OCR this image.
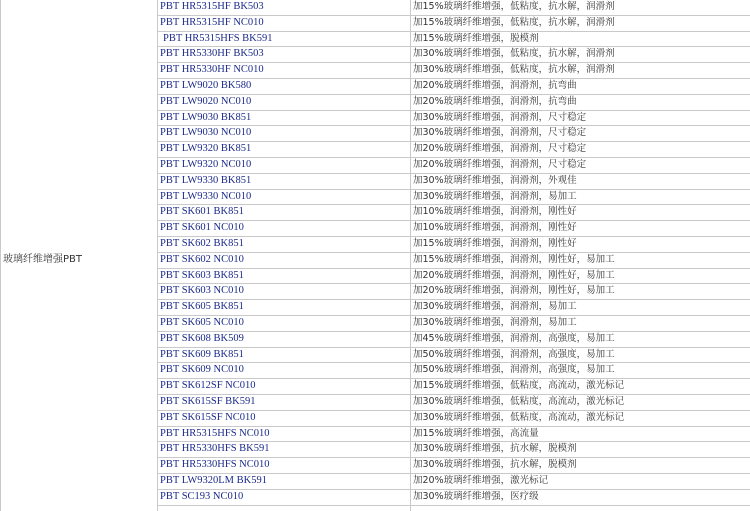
玻璃纤维增强PBT	PBT HR5315HF BK503	加15%玻璃纤维增强，低粘度，抗水解，润滑剂
	PBT HR5315HF NC010	加15%玻璃纤维增强，低粘度，抗水解，润滑剂
	PBT HR5315HFS BK591	加15%玻璃纤维增强，脱模剂
	PBT HR5330HF BK503	加30%玻璃纤维增强，低粘度，抗水解，润滑剂
	PBT HR5330HF NC010	加30%玻璃纤维增强，低粘度，抗水解，润滑剂
	PBT LW9020 BK580	加20%玻璃纤维增强，润滑剂，抗弯曲
	PBT LW9020 NC010	加20%玻璃纤维增强，润滑剂，抗弯曲
	PBT LW9030 BK851	加30%玻璃纤维增强，润滑剂，尺寸稳定
	PBT LW9030 NC010	加30%玻璃纤维增强，润滑剂，尺寸稳定
	PBT LW9320 BK851	加20%玻璃纤维增强，润滑剂，尺寸稳定
	PBT LW9320 NC010	加20%玻璃纤维增强，润滑剂，尺寸稳定
	PBT LW9330 BK851	加30%玻璃纤维增强，润滑剂，外观佳
	PBT LW9330 NC010	加30%玻璃纤维增强，润滑剂，易加工
	PBT SK601 BK851	加10%玻璃纤维增强，润滑剂，刚性好
	PBT SK601 NC010	加10%玻璃纤维增强，润滑剂，刚性好
	PBT SK602 BK851	加15%玻璃纤维增强，润滑剂，刚性好
	PBT SK602 NC010	加15%玻璃纤维增强，润滑剂，刚性好，易加工
	PBT SK603 BK851	加20%玻璃纤维增强，润滑剂，刚性好，易加工
	PBT SK603 NC010	加20%玻璃纤维增强，润滑剂，刚性好，易加工
	PBT SK605 BK851	加30%玻璃纤维增强，润滑剂，易加工
	PBT SK605 NC010	加30%玻璃纤维增强，润滑剂，易加工
	PBT SK608 BK509	加45%玻璃纤维增强，润滑剂，高强度，易加工
	PBT SK609 BK851	加50%玻璃纤维增强，润滑剂，高强度，易加工
	PBT SK609 NC010	加50%玻璃纤维增强，润滑剂，高强度，易加工
	PBT SK612SF NC010	加15%玻璃纤维增强，低粘度，高流动，激光标记
	PBT SK615SF BK591	加30%玻璃纤维增强，低粘度，高流动，激光标记
	PBT SK615SF NC010	加30%玻璃纤维增强，低粘度，高流动，激光标记
	PBT HR5315HFS NC010	加15%玻璃纤维增强，高流量
	PBT HR5330HFS BK591	加30%玻璃纤维增强，抗水解，脱模剂
	PBT HR5330HFS NC010	加30%玻璃纤维增强，抗水解，脱模剂
	PBT LW9320LM BK591	加20%玻璃纤维增强，激光标记
	PBT SC193 NC010	加30%玻璃纤维增强，医疗级
